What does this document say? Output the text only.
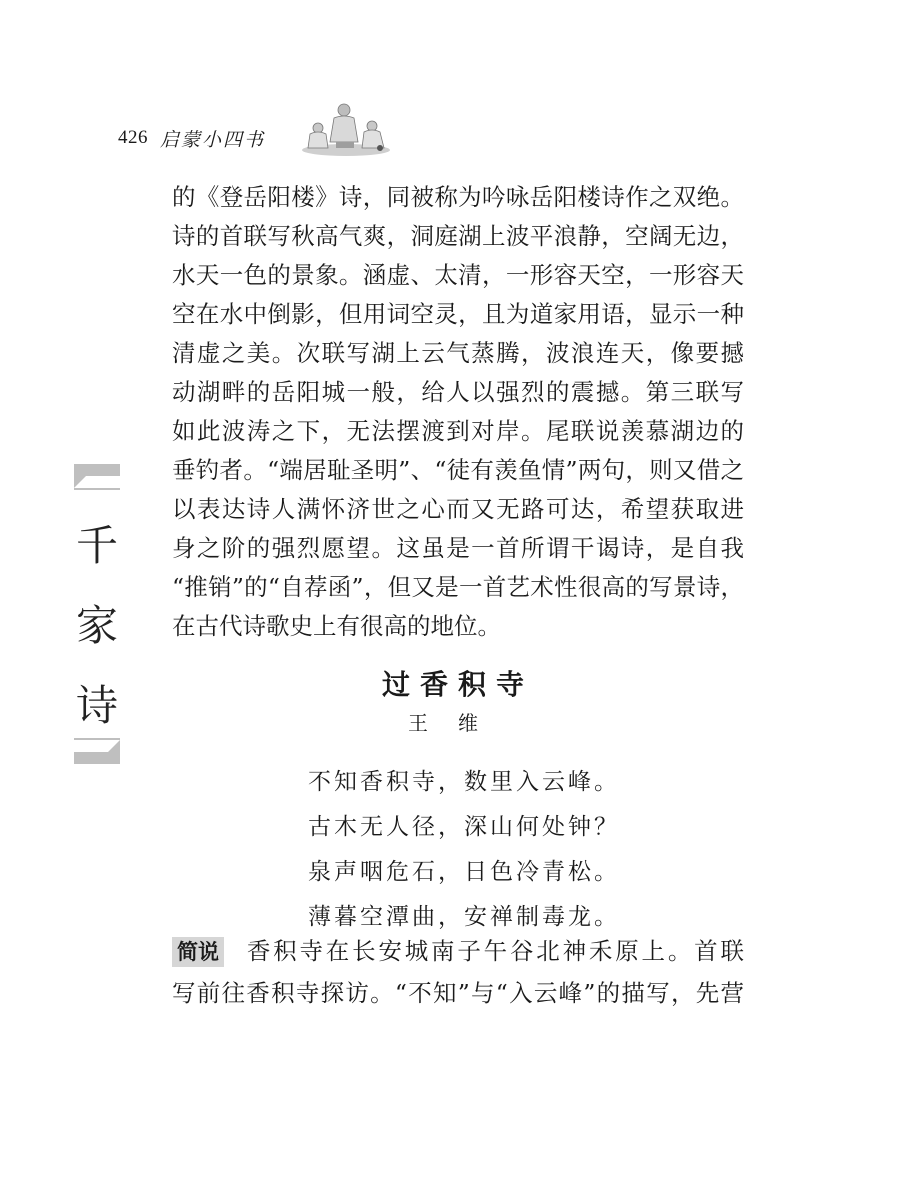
426 启蒙小四书
千
家
诗
的《登岳阳楼》诗，同被称为吟咏岳阳楼诗作之双绝。
诗的首联写秋高气爽，洞庭湖上波平浪静，空阔无边，
水天一色的景象。涵虚、太清，一形容天空，一形容天
空在水中倒影，但用词空灵，且为道家用语，显示一种
清虚之美。次联写湖上云气蒸腾，波浪连天，像要撼
动湖畔的岳阳城一般，给人以强烈的震撼。第三联写
如此波涛之下，无法摆渡到对岸。尾联说羡慕湖边的
垂钓者。“端居耻圣明”、“徒有羡鱼情”两句，则又借之
以表达诗人满怀济世之心而又无路可达，希望获取进
身之阶的强烈愿望。这虽是一首所谓干谒诗，是自我
“推销”的“自荐函”，但又是一首艺术性很高的写景诗，
在古代诗歌史上有很高的地位。
过香积寺
王维
不知香积寺，数里入云峰。
古木无人径，深山何处钟？
泉声咽危石，日色冷青松。
薄暮空潭曲，安禅制毒龙。
简说 香积寺在长安城南子午谷北神禾原上。首联
写前往香积寺探访。“不知”与“入云峰”的描写，先营
